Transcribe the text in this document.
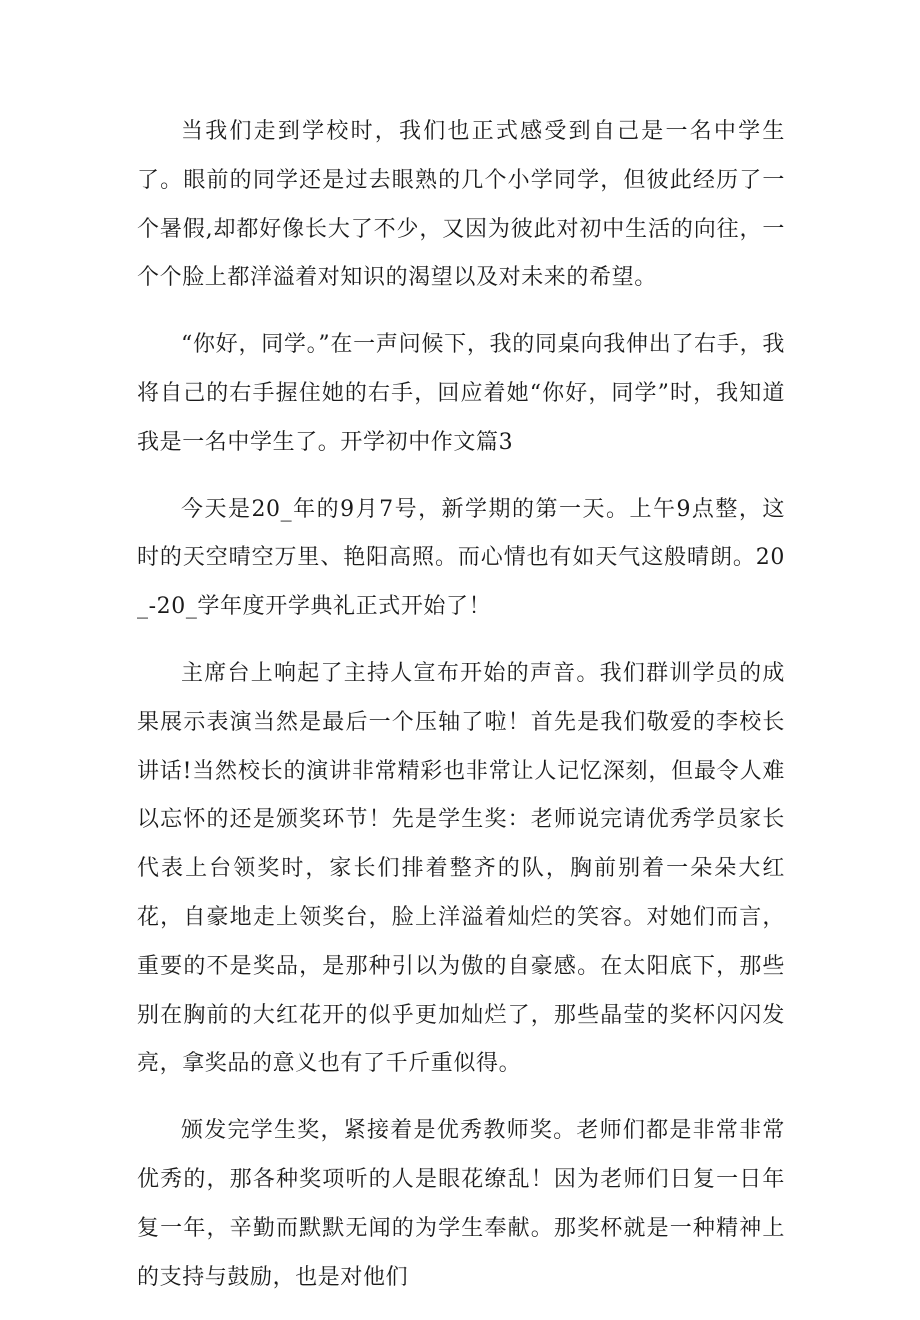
当我们走到学校时，我们也正式感受到自己是一名中学生了。眼前的同学还是过去眼熟的几个小学同学，但彼此经历了一个暑假,却都好像长大了不少，又因为彼此对初中生活的向往，一个个脸上都洋溢着对知识的渴望以及对未来的希望。

“你好，同学。”在一声问候下，我的同桌向我伸出了右手，我将自己的右手握住她的右手，回应着她“你好，同学”时，我知道我是一名中学生了。开学初中作文篇3

今天是20_年的9月7号，新学期的第一天。上午9点整，这时的天空晴空万里、艳阳高照。而心情也有如天气这般晴朗。20_-20_学年度开学典礼正式开始了！

主席台上响起了主持人宣布开始的声音。我们群训学员的成果展示表演当然是最后一个压轴了啦！首先是我们敬爱的李校长讲话!当然校长的演讲非常精彩也非常让人记忆深刻，但最令人难以忘怀的还是颁奖环节！先是学生奖：老师说完请优秀学员家长代表上台领奖时，家长们排着整齐的队，胸前别着一朵朵大红花，自豪地走上领奖台，脸上洋溢着灿烂的笑容。对她们而言，重要的不是奖品，是那种引以为傲的自豪感。在太阳底下，那些别在胸前的大红花开的似乎更加灿烂了，那些晶莹的奖杯闪闪发亮，拿奖品的意义也有了千斤重似得。

颁发完学生奖，紧接着是优秀教师奖。老师们都是非常非常优秀的，那各种奖项听的人是眼花缭乱！因为老师们日复一日年复一年，辛勤而默默无闻的为学生奉献。那奖杯就是一种精神上的支持与鼓励，也是对他们
